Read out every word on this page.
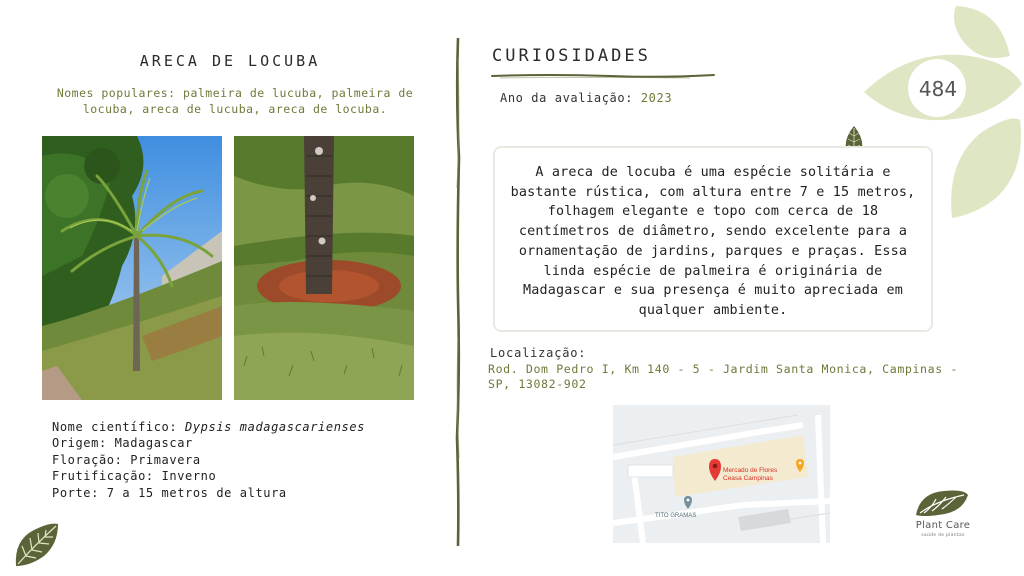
ARECA DE LOCUBA
Nomes populares: palmeira de lucuba, palmeira de locuba, areca de lucuba, areca de locuba.
Nome científico: Dypsis madagascarienses
Origem: Madagascar
Floração: Primavera
Frutificação: Inverno
Porte: 7 a 15 metros de altura
CURIOSIDADES
Ano da avaliação: 2023	484
A areca de locuba é uma espécie solitária e bastante rústica, com altura entre 7 e 15 metros, folhagem elegante e topo com cerca de 18 centímetros de diâmetro, sendo excelente para a ornamentação de jardins, parques e praças. Essa linda espécie de palmeira é originária de Madagascar e sua presença é muito apreciada em qualquer ambiente.
Localização:
Rod. Dom Pedro I, Km 140 - 5 - Jardim Santa Monica, Campinas - SP, 13082-902
Mercado de Flores
Ceasa Campinas
TITO GRAMAS
Plant Care
saúde de plantas
